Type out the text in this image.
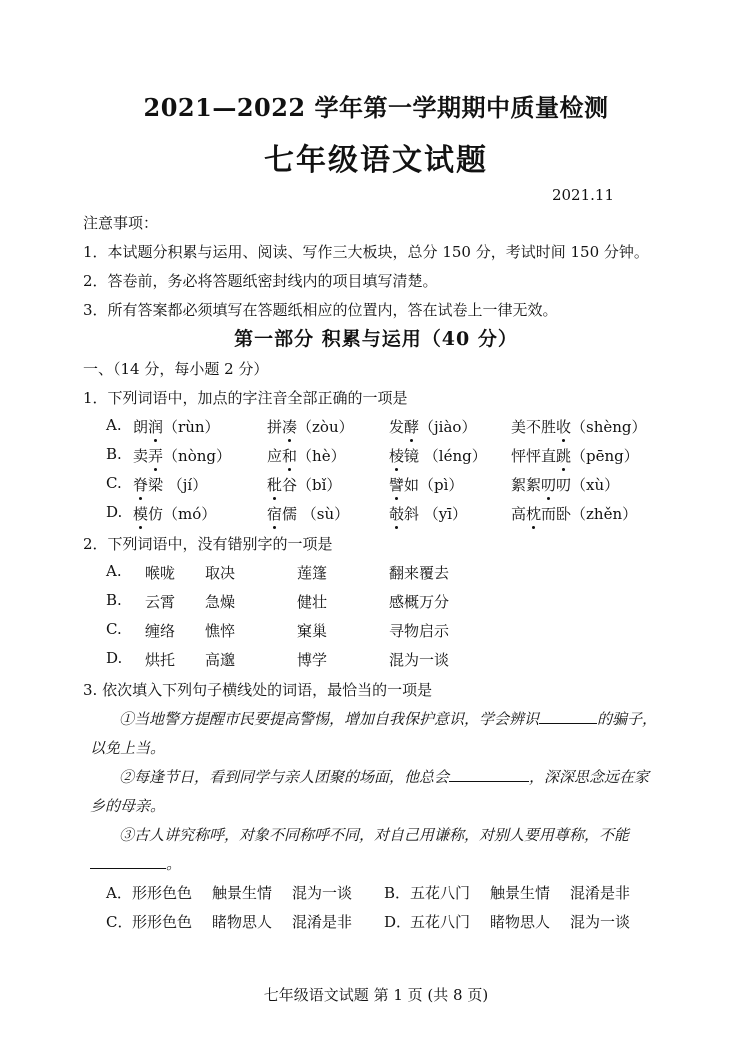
2021—2022 学年第一学期期中质量检测
七年级语文试题
2021.11
注意事项：
1．本试题分积累与运用、阅读、写作三大板块，总分 150 分，考试时间 150 分钟。
2．答卷前，务必将答题纸密封线内的项目填写清楚。
3．所有答案都必须填写在答题纸相应的位置内，答在试卷上一律无效。
第一部分 积累与运用（40 分）
一、（14 分，每小题 2 分）
1．下列词语中，加点的字注音全部正确的一项是
A. 朗润（rùn）	拼凑（zòu） 发酵（jiào） 美不胜收（shèng）
B. 卖弄（nòng） 应和（hè）	棱镜 （léng） 怦怦直跳（pēng）
C. 脊梁 （jí）	秕谷（bǐ）	譬如（pì）	絮絮叨叨（xù）
D. 模仿（mó）	宿儒 （sù）	攲斜 （yī）	高枕而卧（zhěn）
2．下列词语中，没有错别字的一项是
A. 喉咙 取决	莲篷	翻来覆去
B. 云霄 急燥	健壮	感概万分
C. 缠络 憔悴	窠巢	寻物启示
D. 烘托 高邈	博学	混为一谈
3. 依次填入下列句子横线处的词语，最恰当的一项是
①当地警方提醒市民要提高警惕，增加自我保护意识，学会辨识	的骗子，
以免上当。
②每逢节日，看到同学与亲人团聚的场面，他总会	，深深思念远在家
乡的母亲。
③古人讲究称呼，对象不同称呼不同，对自己用谦称，对别人要用尊称，不能
。
A． 形形色色 触景生情 混为一谈 B． 五花八门 触景生情 混淆是非
C． 形形色色 睹物思人 混淆是非 D．
五花八门 睹物思人 混为一谈
七年级语文试题 第 1 页 (共 8 页)
